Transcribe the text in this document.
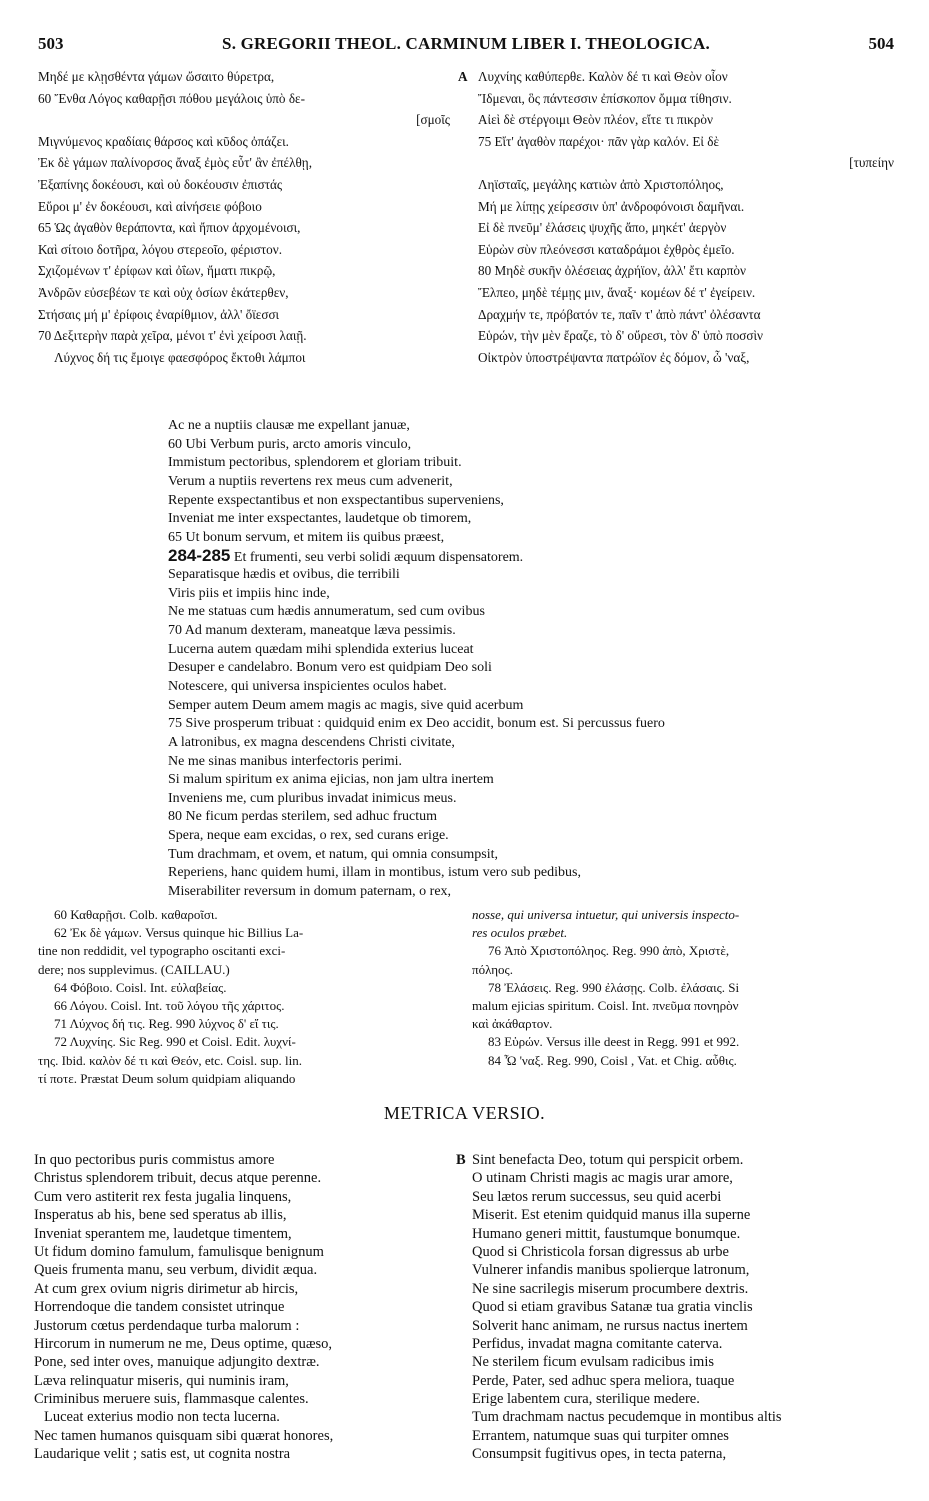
503	S. GREGORII THEOL. CARMINUM LIBER I. THEOLOGICA.	504
Μηδέ με κλῃσθέντα γάμων ὤσαιτο θύρετρα,
60 Ἔνθα Λόγος καθαρῇσι πόθου μεγάλοις ὑπὸ δε-
[σμοῖς
Μιγνύμενος κραδίαις θάρσος καὶ κῦδος ὀπάζει.
Ἐκ δὲ γάμων παλίνορσος ἄναξ ἐμὸς εὖτ' ἂν ἐπέλθῃ,
Ἐξαπίνης δοκέουσι, καὶ οὐ δοκέουσιν ἐπιστάς
Εὕροι μ' ἐν δοκέουσι, καὶ αἰνήσειε φόβοιο
65 Ὡς ἀγαθὸν θεράποντα, καὶ ἤπιον ἀρχομένοισι,
Καὶ σίτοιο δοτῆρα, λόγου στερεοῖο, φέριστον.
Σχιζομένων τ' ἐρίφων καὶ ὀΐων, ἤματι πικρῷ,
Ἀνδρῶν εὐσεβέων τε καὶ οὐχ ὁσίων ἑκάτερθεν,
Στήσαις μή μ' ἐρίφοις ἐναρίθμιον, ἀλλ' ὄϊεσσι
70 Δεξιτερὴν παρὰ χεῖρα, μένοι τ' ἐνὶ χείροσι λαιῇ.
Λύχνος δή τις ἔμοιγε φαεσφόρος ἔκτοθι λάμποι
A Λυχνίης καθύπερθε. Καλὸν δέ τι καὶ Θεὸν οἶον
Ἴδμεναι, ὃς πάντεσσιν ἐπίσκοπον ὄμμα τίθησιν.
Αἰεὶ δὲ στέργοιμι Θεὸν πλέον, εἴτε τι πικρὸν
75 Εἴτ' ἀγαθὸν παρέχοι· πᾶν γὰρ καλόν. Εἰ δὲ
[τυπείην
Ληϊσταῖς, μεγάλης κατιὼν ἀπὸ Χριστοπόληος,
Μή με λίπῃς χείρεσσιν ὑπ' ἀνδροφόνοισι δαμῆναι.
Εἰ δὲ πνεῦμ' ἐλάσεις ψυχῆς ἄπο, μηκέτ' ἀεργὸν
Εὑρὼν σὺν πλεόνεσσι καταδράμοι ἐχθρὸς ἐμεῖο.
80 Μηδὲ συκῆν ὀλέσειας ἀχρήϊον, ἀλλ' ἔτι καρπὸν
Ἔλπεο, μηδὲ τέμῃς μιν, ἄναξ· κομέων δέ τ' ἐγείρειν.
Δραχμήν τε, πρόβατόν τε, παῖν τ' ἀπὸ πάντ' ὀλέσαντα
Εὑρών, τὴν μὲν ἔραζε, τὸ δ' οὔρεσι, τὸν δ' ὑπὸ ποσσὶν
Οἰκτρὸν ὑποστρέψαντα πατρώϊον ἐς δόμον, ὦ 'ναξ,
Ac ne a nuptiis clausæ me expellant januæ,
60 Ubi Verbum puris, arcto amoris vinculo,
Immistum pectoribus, splendorem et gloriam tribuit.
Verum a nuptiis revertens rex meus cum advenerit,
Repente exspectantibus et non exspectantibus superveniens,
Inveniat me inter exspectantes, laudetque ob timorem,
65 Ut bonum servum, et mitem iis quibus præest,
284-285 Et frumenti, seu verbi solidi æquum dispensatorem.
Separatisque hædis et ovibus, die terribili
Viris piis et impiis hinc inde,
Ne me statuas cum hædis annumeratum, sed cum ovibus
70 Ad manum dexteram, maneatque læva pessimis.
Lucerna autem quædam mihi splendida exterius luceat
Desuper e candelabro. Bonum vero est quidpiam Deo soli
Notescere, qui universa inspicientes oculos habet.
Semper autem Deum amem magis ac magis, sive quid acerbum
75 Sive prosperum tribuat : quidquid enim ex Deo accidit, bonum est. Si percussus fuero
A latronibus, ex magna descendens Christi civitate,
Ne me sinas manibus interfectoris perimi.
Si malum spiritum ex anima ejicias, non jam ultra inertem
Inveniens me, cum pluribus invadat inimicus meus.
80 Ne ficum perdas sterilem, sed adhuc fructum
Spera, neque eam excidas, o rex, sed curans erige.
Tum drachmam, et ovem, et natum, qui omnia consumpsit,
Reperiens, hanc quidem humi, illam in montibus, istum vero sub pedibus,
Miserabiliter reversum in domum paternam, o rex,
60 Καθαρῇσι. Colb. καθαροῖσι.
62 Ἐκ δὲ γάμων. Versus quinque hic Billius La-
tine non reddidit, vel typographo oscitanti exci-
dere; nos supplevimus. (CAILLAU.)
64 Φόβοιο. Coisl. Int. εὐλαβείας.
66 Λόγου. Coisl. Int. τοῦ λόγου τῆς χάριτος.
71 Λύχνος δή τις. Reg. 990 λύχνος δ' εἴ τις.
72 Λυχνίης. Sic Reg. 990 et Coisl. Edit. λυχνί-
της. Ibid. καλὸν δέ τι καὶ Θεόν, etc. Coisl. sup. lin.
τί ποτε. Præstat Deum solum quidpiam aliquando
nosse, qui universa intuetur, qui universis inspecto-
res oculos præbet.
76 Ἀπὸ Χριστοπόληος. Reg. 990 ἀπὸ, Χριστὲ,
πόληος.
78 Ἐλάσεις. Reg. 990 ἐλάσῃς. Colb. ἐλάσαις. Si
malum ejicias spiritum. Coisl. Int. πνεῦμα πονηρὸν
καὶ ἀκάθαρτον.
83 Εὑρών. Versus ille deest in Regg. 991 et 992.
84 Ὦ 'ναξ. Reg. 990, Coisl , Vat. et Chig. αὖθις.
METRICA VERSIO.
In quo pectoribus puris commistus amore
Christus splendorem tribuit, decus atque perenne.
Cum vero astiterit rex festa jugalia linquens,
Insperatus ab his, bene sed speratus ab illis,
Inveniat sperantem me, laudetque timentem,
Ut fidum domino famulum, famulisque benignum
Queis frumenta manu, seu verbum, dividit æqua.
At cum grex ovium nigris dirimetur ab hircis,
Horrendoque die tandem consistet utrinque
Justorum cœtus perdendaque turba malorum :
Hircorum in numerum ne me, Deus optime, quæso,
Pone, sed inter oves, manuique adjungito dextræ.
Læva relinquatur miseris, qui numinis iram,
Criminibus meruere suis, flammasque calentes.
Luceat exterius modio non tecta lucerna.
Nec tamen humanos quisquam sibi quærat honores,
Laudarique velit ; satis est, ut cognita nostra
B Sint benefacta Deo, totum qui perspicit orbem.
O utinam Christi magis ac magis urar amore,
Seu lætos rerum successus, seu quid acerbi
Miserit. Est etenim quidquid manus illa superne
Humano generi mittit, faustumque bonumque.
Quod si Christicola forsan digressus ab urbe
Vulnerer infandis manibus spolierque latronum,
Ne sine sacrilegis miserum procumbere dextris.
Quod si etiam gravibus Satanæ tua gratia vinclis
Solverit hanc animam, ne rursus nactus inertem
Perfidus, invadat magna comitante caterva.
Ne sterilem ficum evulsam radicibus imis
Perde, Pater, sed adhuc spera meliora, tuaque
Erige labentem cura, sterilique medere.
Tum drachmam nactus pecudemque in montibus altis
Errantem, natumque suas qui turpiter omnes
Consumpsit fugitivus opes, in tecta paterna,
